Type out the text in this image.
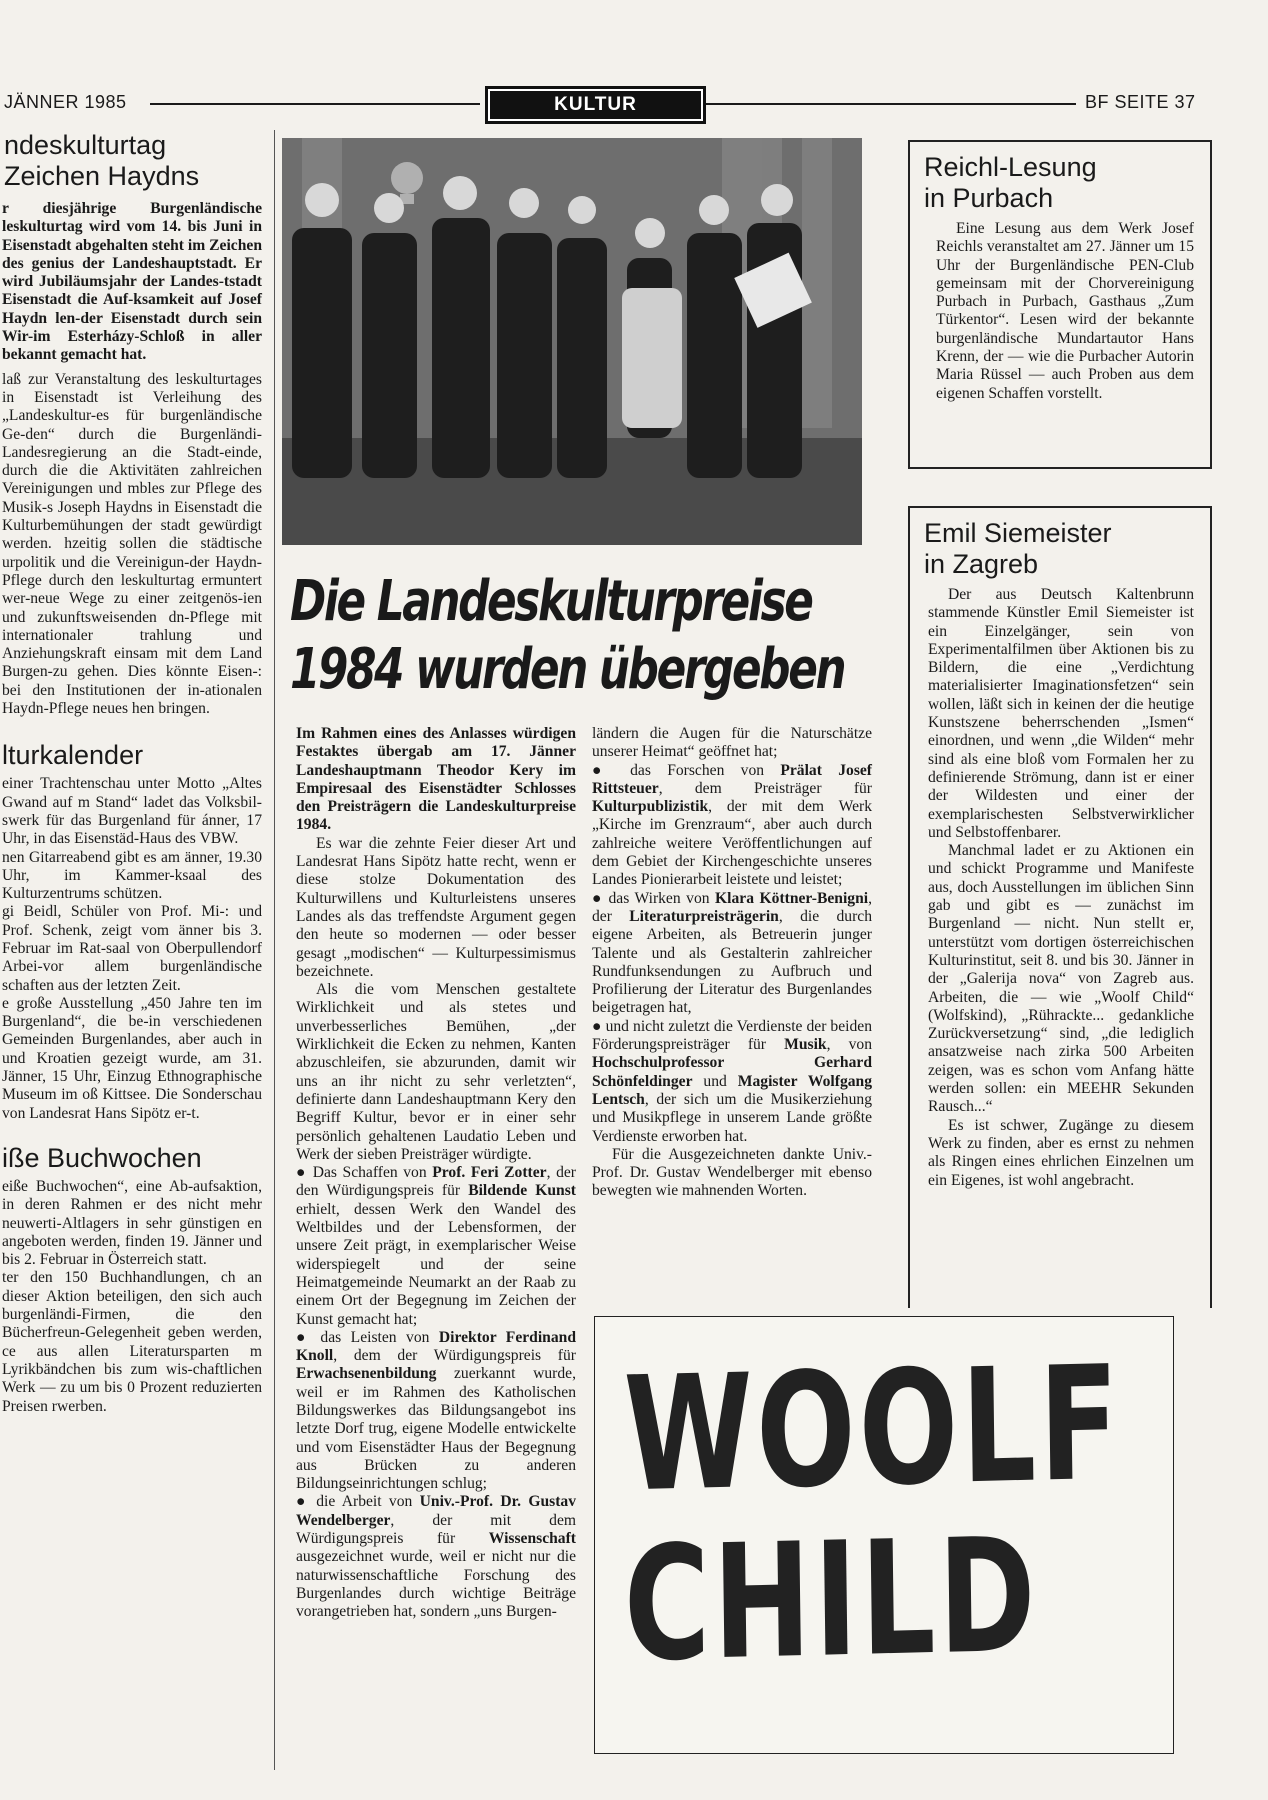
JÄNNER 1985	KULTUR	BF SEITE 37
ndeskulturtag
Zeichen Haydns

r diesjährige Burgenländische leskulturtag wird vom 14. bis Juni in Eisenstadt abgehalten steht im Zeichen des genius der Landeshauptstadt. Er wird Jubiläumsjahr der Landes-tstadt Eisenstadt die Auf-ksamkeit auf Josef Haydn len-der Eisenstadt durch sein Wir-im Esterházy-Schloß in aller bekannt gemacht hat.

laß zur Veranstaltung des leskulturtages in Eisenstadt ist Verleihung des „Landeskultur-es für burgenländische Ge-den“ durch die Burgenländi-Landesregierung an die Stadt-einde, durch die die Aktivitäten zahlreichen Vereinigungen und mbles zur Pflege des Musik-s Joseph Haydns in Eisenstadt die Kulturbemühungen der stadt gewürdigt werden. hzeitig sollen die städtische urpolitik und die Vereinigun-der Haydn-Pflege durch den leskulturtag ermuntert wer-neue Wege zu einer zeitgenös-ien und zukunftsweisenden dn-Pflege mit internationaler trahlung und Anziehungskraft einsam mit dem Land Burgen-zu gehen. Dies könnte Eisen-: bei den Institutionen der in-ationalen Haydn-Pflege neues hen bringen.

lturkalender

einer Trachtenschau unter Motto „Altes Gwand auf m Stand“ ladet das Volksbil-swerk für das Burgenland für ánner, 17 Uhr, in das Eisenstäd-Haus des VBW.

nen Gitarreabend gibt es am änner, 19.30 Uhr, im Kammer-ksaal des Kulturzentrums schützen.

gi Beidl, Schüler von Prof. Mi-: und Prof. Schenk, zeigt vom änner bis 3. Februar im Rat-saal von Oberpullendorf Arbei-vor allem burgenländische schaften aus der letzten Zeit.

e große Ausstellung „450 Jahre ten im Burgenland“, die be-in verschiedenen Gemeinden Burgenlandes, aber auch in und Kroatien gezeigt wurde, am 31. Jänner, 15 Uhr, Einzug Ethnographische Museum im oß Kittsee. Die Sonderschau von Landesrat Hans Sipötz er-t.

iße Buchwochen

eiße Buchwochen“, eine Ab-aufsaktion, in deren Rahmen er des nicht mehr neuwerti-Altlagers in sehr günstigen en angeboten werden, finden 19. Jänner und bis 2. Februar in Österreich statt.

ter den 150 Buchhandlungen, ch an dieser Aktion beteiligen, den sich auch burgenländi-Firmen, die den Bücherfreun-Gelegenheit geben werden, ce aus allen Literatursparten m Lyrikbändchen bis zum wis-chaftlichen Werk — zu um bis 0 Prozent reduzierten Preisen rwerben.

Die Landeskulturpreise
1984 wurden übergeben

Im Rahmen eines des Anlasses würdigen Festaktes übergab am 17. Jänner Landeshauptmann Theodor Kery im Empiresaal des Eisenstädter Schlosses den Preisträgern die Landeskulturpreise 1984.

Es war die zehnte Feier dieser Art und Landesrat Hans Sipötz hatte recht, wenn er diese stolze Dokumentation des Kulturwillens und Kulturleistens unseres Landes als das treffendste Argument gegen den heute so modernen — oder besser gesagt „modischen“ — Kulturpessimismus bezeichnete.

Als die vom Menschen gestaltete Wirklichkeit und als stetes und unverbesserliches Bemühen, „der Wirklichkeit die Ecken zu nehmen, Kanten abzuschleifen, sie abzurunden, damit wir uns an ihr nicht zu sehr verletzten“, definierte dann Landeshauptmann Kery den Begriff Kultur, bevor er in einer sehr persönlich gehaltenen Laudatio Leben und Werk der sieben Preisträger würdigte.

● Das Schaffen von Prof. Feri Zotter, der den Würdigungspreis für Bildende Kunst erhielt, dessen Werk den Wandel des Weltbildes und der Lebensformen, der unsere Zeit prägt, in exemplarischer Weise widerspiegelt und der seine Heimatgemeinde Neumarkt an der Raab zu einem Ort der Begegnung im Zeichen der Kunst gemacht hat;

● das Leisten von Direktor Ferdinand Knoll, dem der Würdigungspreis für Erwachsenenbildung zuerkannt wurde, weil er im Rahmen des Katholischen Bildungswerkes das Bildungsangebot ins letzte Dorf trug, eigene Modelle entwickelte und vom Eisenstädter Haus der Begegnung aus Brücken zu anderen Bildungseinrichtungen schlug;

● die Arbeit von Univ.-Prof. Dr. Gustav Wendelberger, der mit dem Würdigungspreis für Wissenschaft ausgezeichnet wurde, weil er nicht nur die naturwissenschaftliche Forschung des Burgenlandes durch wichtige Beiträge vorangetrieben hat, sondern „uns Burgen-

ländern die Augen für die Naturschätze unserer Heimat“ geöffnet hat;

● das Forschen von Prälat Josef Rittsteuer, dem Preisträger für Kulturpublizistik, der mit dem Werk „Kirche im Grenzraum“, aber auch durch zahlreiche weitere Veröffentlichungen auf dem Gebiet der Kirchengeschichte unseres Landes Pionierarbeit leistete und leistet;

● das Wirken von Klara Köttner-Benigni, der Literaturpreisträgerin, die durch eigene Arbeiten, als Betreuerin junger Talente und als Gestalterin zahlreicher Rundfunksendungen zu Aufbruch und Profilierung der Literatur des Burgenlandes beigetragen hat,

● und nicht zuletzt die Verdienste der beiden Förderungspreisträger für Musik, von Hochschulprofessor Gerhard Schönfeldinger und Magister Wolfgang Lentsch, der sich um die Musikerziehung und Musikpflege in unserem Lande größte Verdienste erworben hat.

Für die Ausgezeichneten dankte Univ.-Prof. Dr. Gustav Wendelberger mit ebenso bewegten wie mahnenden Worten.

Reichl-Lesung
in Purbach

Eine Lesung aus dem Werk Josef Reichls veranstaltet am 27. Jänner um 15 Uhr der Burgenländische PEN-Club gemeinsam mit der Chorvereinigung Purbach in Purbach, Gasthaus „Zum Türkentor“. Lesen wird der bekannte burgenländische Mundartautor Hans Krenn, der — wie die Purbacher Autorin Maria Rüssel — auch Proben aus dem eigenen Schaffen vorstellt.

Emil Siemeister
in Zagreb

Der aus Deutsch Kaltenbrunn stammende Künstler Emil Siemeister ist ein Einzelgänger, sein von Experimentalfilmen über Aktionen bis zu Bildern, die eine „Verdichtung materialisierter Imaginationsfetzen“ sein wollen, läßt sich in keinen der die heutige Kunstszene beherrschenden „Ismen“ einordnen, und wenn „die Wilden“ mehr sind als eine bloß vom Formalen her zu definierende Strömung, dann ist er einer der Wildesten und einer der exemplarischesten Selbstverwirklicher und Selbstoffenbarer.

Manchmal ladet er zu Aktionen ein und schickt Programme und Manifeste aus, doch Ausstellungen im üblichen Sinn gab und gibt es — zunächst im Burgenland — nicht. Nun stellt er, unterstützt vom dortigen österreichischen Kulturinstitut, seit 8. und bis 30. Jänner in der „Galerija nova“ von Zagreb aus. Arbeiten, die — wie „Woolf Child“ (Wolfskind), „Rührackte... gedankliche Zurückversetzung“ sind, „die lediglich ansatzweise nach zirka 500 Arbeiten zeigen, was es schon vom Anfang hätte werden sollen: ein MEEHR Sekunden Rausch...“

Es ist schwer, Zugänge zu diesem Werk zu finden, aber es ernst zu nehmen als Ringen eines ehrlichen Einzelnen um ein Eigenes, ist wohl angebracht.

WOOLF
CHILD
